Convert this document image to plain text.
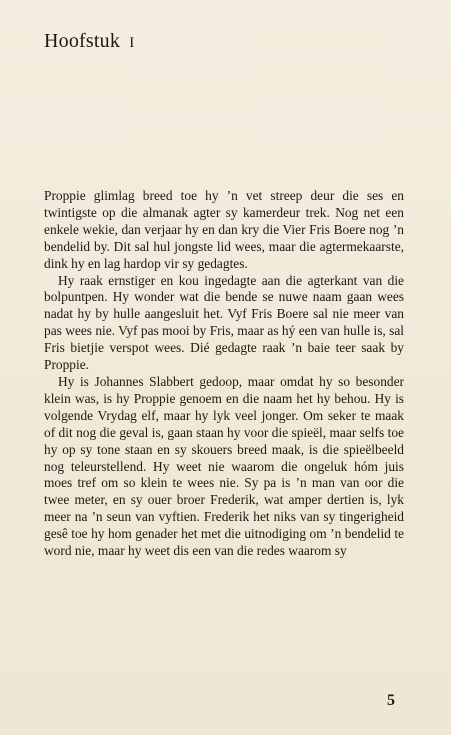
Hoofstuk I

Proppie glimlag breed toe hy ’n vet streep deur die ses en twintigste op die almanak agter sy kamerdeur trek. Nog net een enkele wekie, dan verjaar hy en dan kry die Vier Fris Boere nog ’n bendelid by. Dit sal hul jongste lid wees, maar die agtermekaarste, dink hy en lag hardop vir sy gedagtes.

Hy raak ernstiger en kou ingedagte aan die agterkant van die bolpuntpen. Hy wonder wat die bende se nuwe naam gaan wees nadat hy by hulle aangesluit het. Vyf Fris Boere sal nie meer van pas wees nie. Vyf pas mooi by Fris, maar as hý een van hulle is, sal Fris bietjie verspot wees. Dié gedagte raak ’n baie teer saak by Proppie.

Hy is Johannes Slabbert gedoop, maar omdat hy so besonder klein was, is hy Proppie genoem en die naam het hy behou. Hy is volgende Vrydag elf, maar hy lyk veel jonger. Om seker te maak of dit nog die geval is, gaan staan hy voor die spieël, maar selfs toe hy op sy tone staan en sy skouers breed maak, is die spieëlbeeld nog teleurstellend. Hy weet nie waarom die ongeluk hóm juis moes tref om so klein te wees nie. Sy pa is ’n man van oor die twee meter, en sy ouer broer Frederik, wat amper dertien is, lyk meer na ’n seun van vyftien. Frederik het niks van sy tingerigheid gesê toe hy hom genader het met die uitnodiging om ’n bendelid te word nie, maar hy weet dis een van die redes waarom sy

5
